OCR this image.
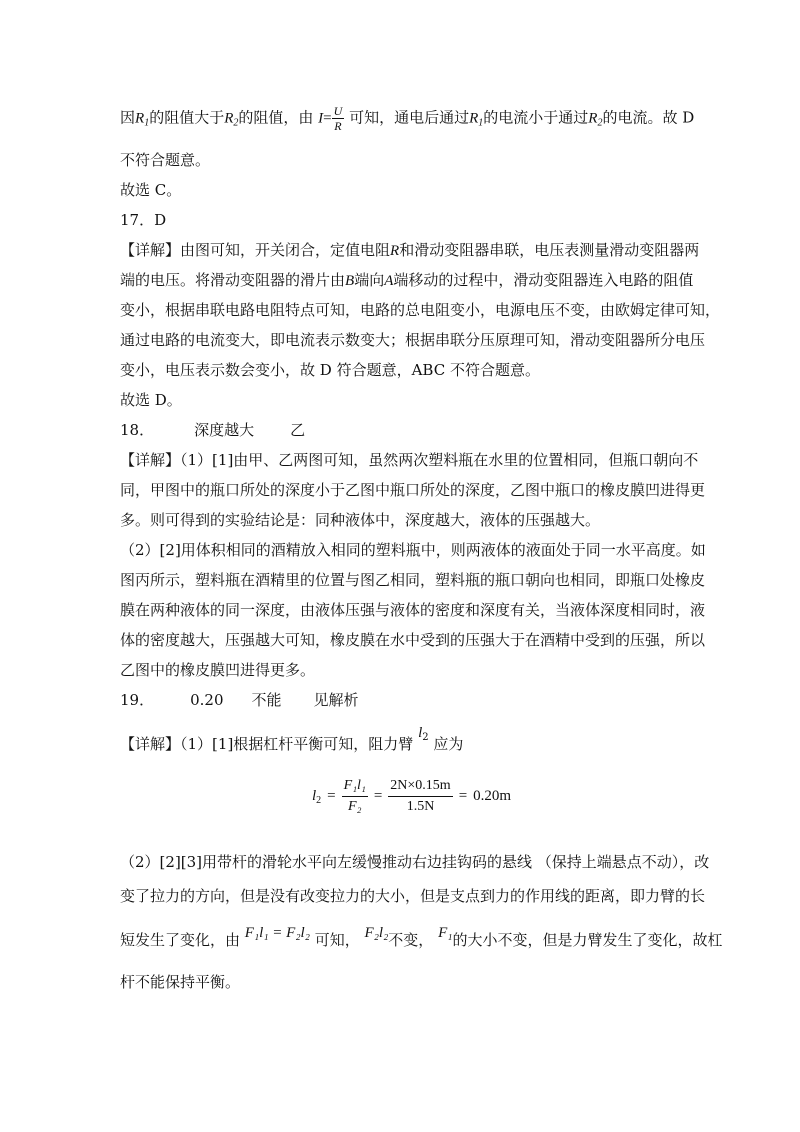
因$R_1$的阻值大于$R_2$的阻值，由 $I= \frac{U}{R}$ 可知，通电后通过$R_1$的电流小于通过$R_2$的电流。故 D
不符合题意。
故选 C。
17．D
【详解】由图可知，开关闭合，定值电阻R和滑动变阻器串联，电压表测量滑动变阻器两
端的电压。将滑动变阻器的滑片由B端向A端移动的过程中，滑动变阻器连入电路的阻值
变小，根据串联电路电阻特点可知，电路的总电阻变小，电源电压不变，由欧姆定律可知，
通过电路的电流变大，即电流表示数变大；根据串联分压原理可知，滑动变阻器所分电压
变小，电压表示数会变小，故 D 符合题意，ABC 不符合题意。
故选 D。
18．	深度越大 乙
【详解】（1）[1]由甲、乙两图可知，虽然两次塑料瓶在水里的位置相同，但瓶口朝向不
同，甲图中的瓶口所处的深度小于乙图中瓶口所处的深度，乙图中瓶口的橡皮膜凹进得更
多。则可得到的实验结论是：同种液体中，深度越大，液体的压强越大。
（2）[2]用体积相同的酒精放入相同的塑料瓶中，则两液体的液面处于同一水平高度。如
图丙所示，塑料瓶在酒精里的位置与图乙相同，塑料瓶的瓶口朝向也相同，即瓶口处橡皮
膜在两种液体的同一深度，由液体压强与液体的密度和深度有关，当液体深度相同时，液
体的密度越大，压强越大可知，橡皮膜在水中受到的压强大于在酒精中受到的压强，所以
乙图中的橡皮膜凹进得更多。
19． 0.20 不能 见解析
【详解】（1）[1]根据杠杆平衡可知，阻力臂 $l_2$ 应为
$l_2 = \frac{\text{F₁l₁}}{\text{F₂}} = \frac{2N\times 0.15m}{1.5N} = 0.20m$
（2）[2][3]用带杆的滑轮水平向左缓慢推动右边挂钩码的悬线 （保持上端悬点不动），改
变了拉力的方向，但是没有改变拉力的大小，但是支点到力的作用线的距离，即力臂的长
短发生了变化，由 F₁l₁ = F₂l₂ 可知， F₂l₂不变， F₁的大小不变，但是力臂发生了变化，故杠
杆不能保持平衡。
